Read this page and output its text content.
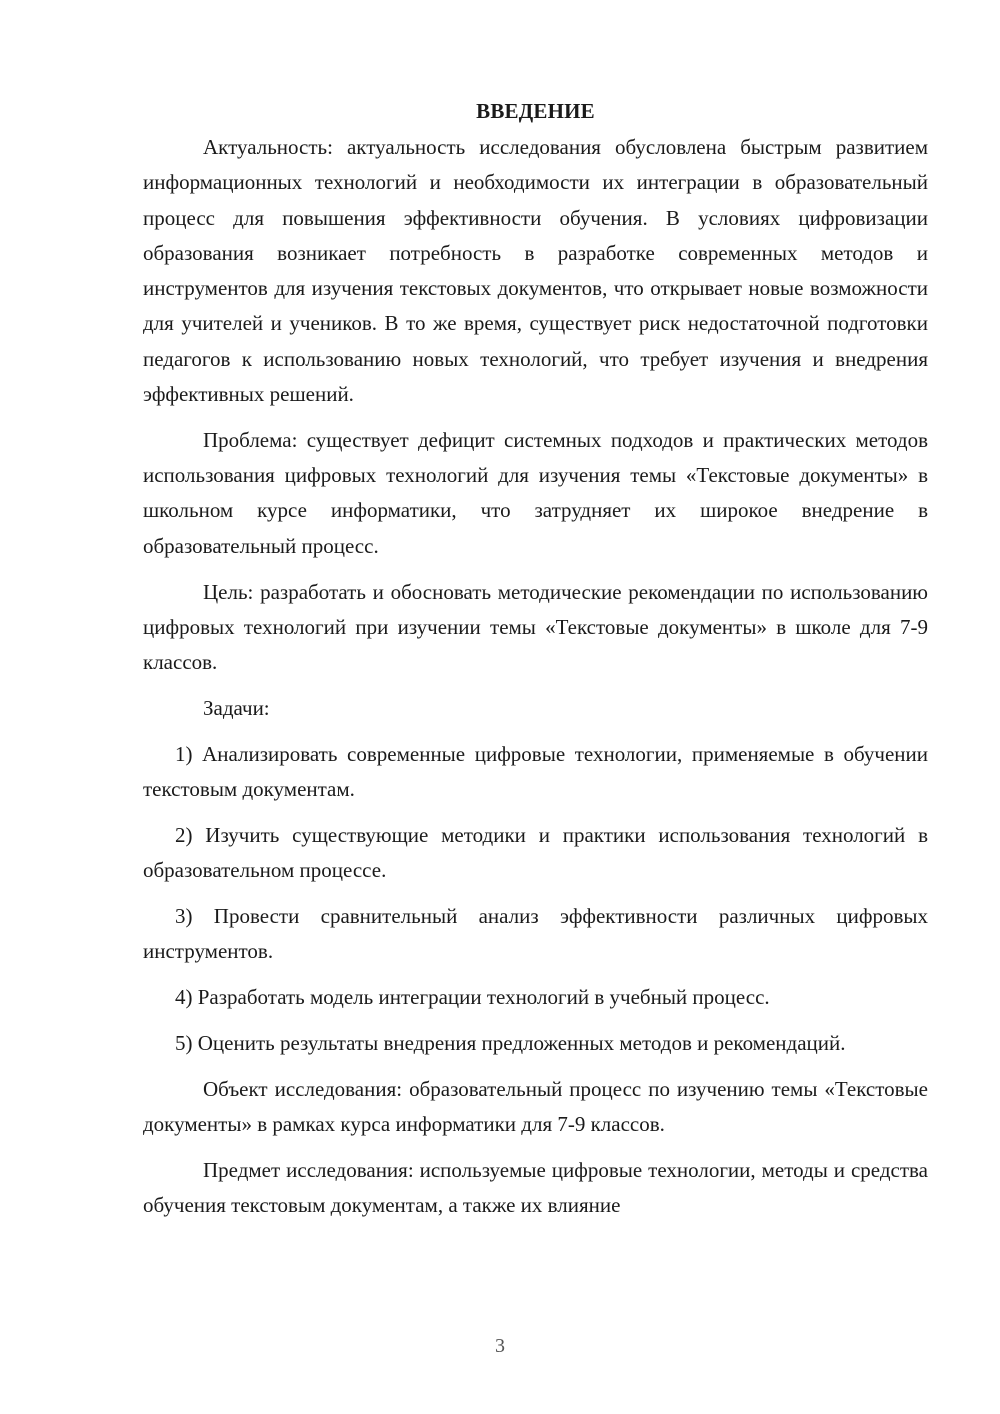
ВВЕДЕНИЕ

Актуальность: актуальность исследования обусловлена быстрым развитием информационных технологий и необходимости их интеграции в образовательный процесс для повышения эффективности обучения. В условиях цифровизации образования возникает потребность в разработке современных методов и инструментов для изучения текстовых документов, что открывает новые возможности для учителей и учеников. В то же время, существует риск недостаточной подготовки педагогов к использованию новых технологий, что требует изучения и внедрения эффективных решений.

Проблема: существует дефицит системных подходов и практических методов использования цифровых технологий для изучения темы «Текстовые документы» в школьном курсе информатики, что затрудняет их широкое внедрение в образовательный процесс.

Цель: разработать и обосновать методические рекомендации по использованию цифровых технологий при изучении темы «Текстовые документы» в школе для 7-9 классов.

Задачи:

1) Анализировать современные цифровые технологии, применяемые в обучении текстовым документам.

2) Изучить существующие методики и практики использования технологий в образовательном процессе.

3) Провести сравнительный анализ эффективности различных цифровых инструментов.

4) Разработать модель интеграции технологий в учебный процесс.

5) Оценить результаты внедрения предложенных методов и рекомендаций.

Объект исследования: образовательный процесс по изучению темы «Текстовые документы» в рамках курса информатики для 7-9 классов.

Предмет исследования: используемые цифровые технологии, методы и средства обучения текстовым документам, а также их влияние

3
